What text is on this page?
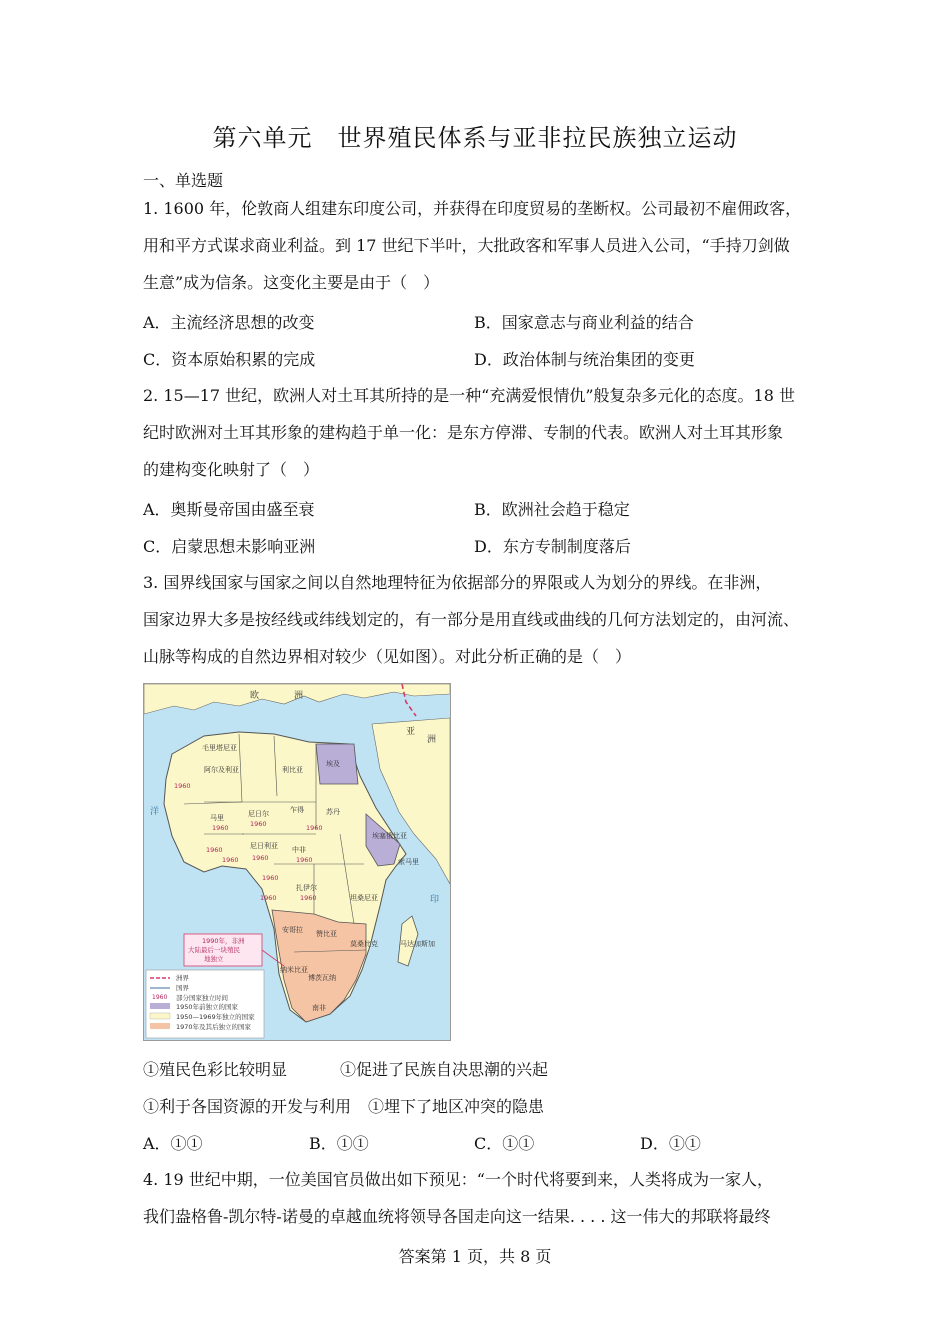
第六单元　世界殖民体系与亚非拉民族独立运动
一、单选题
1. 1600 年，伦敦商人组建东印度公司，并获得在印度贸易的垄断权。公司最初不雇佣政客，
用和平方式谋求商业利益。到 17 世纪下半叶，大批政客和军事人员进入公司，“手持刀剑做
生意”成为信条。这变化主要是由于（　）
A．主流经济思想的改变	B．国家意志与商业利益的结合
C．资本原始积累的完成	D．政治体制与统治集团的变更
2. 15—17 世纪，欧洲人对土耳其所持的是一种“充满爱恨情仇”般复杂多元化的态度。18 世
纪时欧洲对土耳其形象的建构趋于单一化：是东方停滞、专制的代表。欧洲人对土耳其形象
的建构变化映射了（　）
A．奥斯曼帝国由盛至衰	B．欧洲社会趋于稳定
C．启蒙思想未影响亚洲	D．东方专制制度落后
3. 国界线国家与国家之间以自然地理特征为依据部分的界限或人为划分的界线。在非洲，
国家边界大多是按经线或纬线划定的，有一部分是用直线或曲线的几何方法划定的，由河流、
山脉等构成的自然边界相对较少（见如图）。对此分析正确的是（　）
欧	洲
亚
洲
毛里塔尼亚
阿尔及利亚	利比亚
埃及
苏丹
尼日尔	乍得
尼日利亚 中非
扎伊尔
埃塞俄比亚
坦桑尼亚
安哥拉 赞比亚
纳米比亚
博茨瓦纳
南非
莫桑比克	马达加斯加
马里
索马里
1960
1960	1960
1960	1960
1960
1960
1960
1960
1960
1960
洋
印
1990年，非洲
大陆最后一块殖民
地独立
1960
洲界
国界
部分国家独立时间
1950年前独立的国家
1950—1969年独立的国家
1970年及其后独立的国家
①殖民色彩比较明显	①促进了民族自决思潮的兴起
①利于各国资源的开发与利用 ①埋下了地区冲突的隐患
A．①①	B．①①	C．①①	D．①①
4. 19 世纪中期，一位美国官员做出如下预见：“一个时代将要到来，人类将成为一家人，
我们盎格鲁-凯尔特-诺曼的卓越血统将领导各国走向这一结果. . . . 这一伟大的邦联将最终
答案第 1 页，共 8 页
